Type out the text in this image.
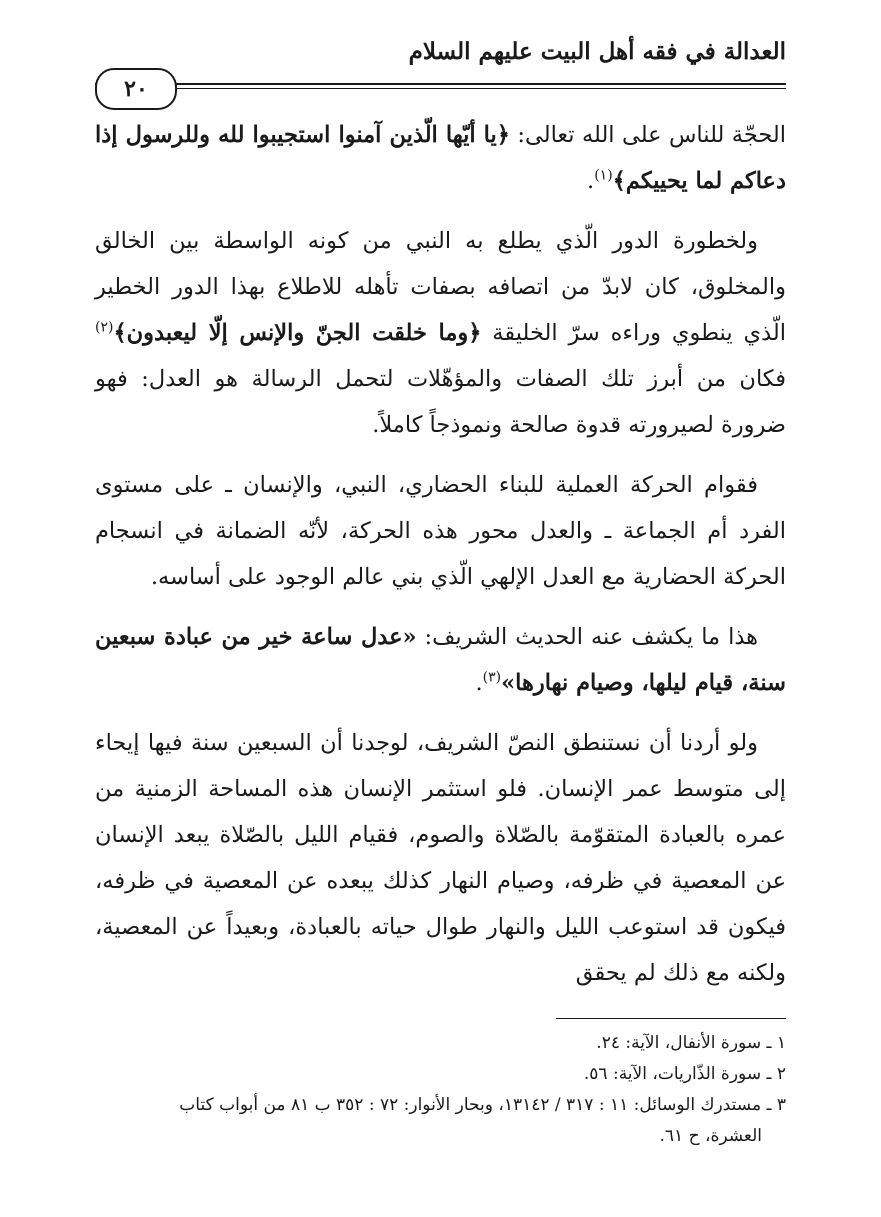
العدالة في فقه أهل البيت عليهم السلام
٢٠

الحجّة للناس على الله تعالى: ﴿يا أيّها الّذين آمنوا استجيبوا لله وللرسول إذا دعاكم لما يحييكم﴾$^{(١)}$.

ولخطورة الدور الّذي يطلع به النبي من كونه الواسطة بين الخالق والمخلوق، كان لابدّ من اتصافه بصفات تأهله للاطلاع بهذا الدور الخطير الّذي ينطوي وراءه سرّ الخليقة ﴿وما خلقت الجنّ والإنس إلّا ليعبدون﴾$^{(٢)}$ فكان من أبرز تلك الصفات والمؤهّلات لتحمل الرسالة هو العدل: فهو ضرورة لصيرورته قدوة صالحة ونموذجاً كاملاً.

فقوام الحركة العملية للبناء الحضاري، النبي، والإنسان ـ على مستوى الفرد أم الجماعة ـ والعدل محور هذه الحركة، لأنّه الضمانة في انسجام الحركة الحضارية مع العدل الإلهي الّذي بني عالم الوجود على أساسه.

هذا ما يكشف عنه الحديث الشريف: «عدل ساعة خير من عبادة سبعين سنة، قيام ليلها، وصيام نهارها»$^{(٣)}$.

ولو أردنا أن نستنطق النصّ الشريف، لوجدنا أن السبعين سنة فيها إيحاء إلى متوسط عمر الإنسان. فلو استثمر الإنسان هذه المساحة الزمنية من عمره بالعبادة المتقوّمة بالصّلاة والصوم، فقيام الليل بالصّلاة يبعد الإنسان عن المعصية في ظرفه، وصيام النهار كذلك يبعده عن المعصية في ظرفه، فيكون قد استوعب الليل والنهار طوال حياته بالعبادة، وبعيداً عن المعصية، ولكنه مع ذلك لم يحقق

١ ـ سورة الأنفال، الآية: ٢٤.

٢ ـ سورة الذّاريات، الآية: ٥٦.

٣ ـ مستدرك الوسائل: ١١ : ٣١٧ / ١٣١٤٢، وبحار الأنوار: ٧٢ : ٣٥٢ ب ٨١ من أبواب كتاب

العشرة، ح ٦١.
